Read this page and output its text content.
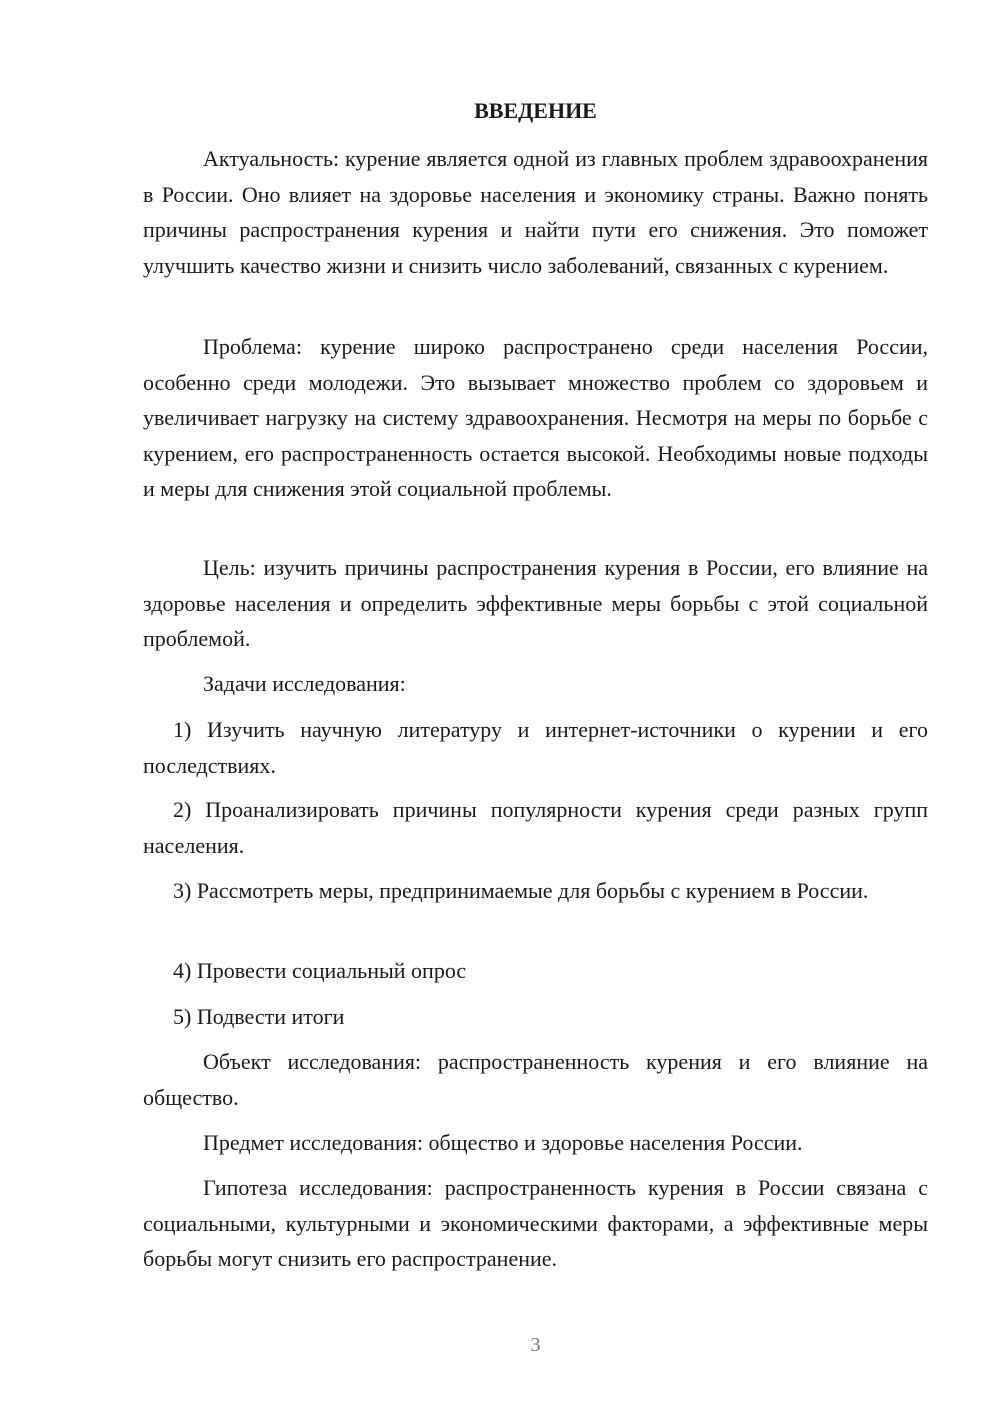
ВВЕДЕНИЕ

Актуальность: курение является одной из главных проблем здравоохранения в России. Оно влияет на здоровье населения и экономику страны. Важно понять причины распространения курения и найти пути его снижения. Это поможет улучшить качество жизни и снизить число заболеваний, связанных с курением.

Проблема: курение широко распространено среди населения России, особенно среди молодежи. Это вызывает множество проблем со здоровьем и увеличивает нагрузку на систему здравоохранения. Несмотря на меры по борьбе с курением, его распространенность остается высокой. Необходимы новые подходы и меры для снижения этой социальной проблемы.

Цель: изучить причины распространения курения в России, его влияние на здоровье населения и определить эффективные меры борьбы с этой социальной проблемой.

Задачи исследования:

1) Изучить научную литературу и интернет-источники о курении и его последствиях.

2) Проанализировать причины популярности курения среди разных групп населения.

3) Рассмотреть меры, предпринимаемые для борьбы с курением в России.

4) Провести социальный опрос

5) Подвести итоги

Объект исследования: распространенность курения и его влияние на общество.

Предмет исследования: общество и здоровье населения России.

Гипотеза исследования: распространенность курения в России связана с социальными, культурными и экономическими факторами, а эффективные меры борьбы могут снизить его распространение.

3
